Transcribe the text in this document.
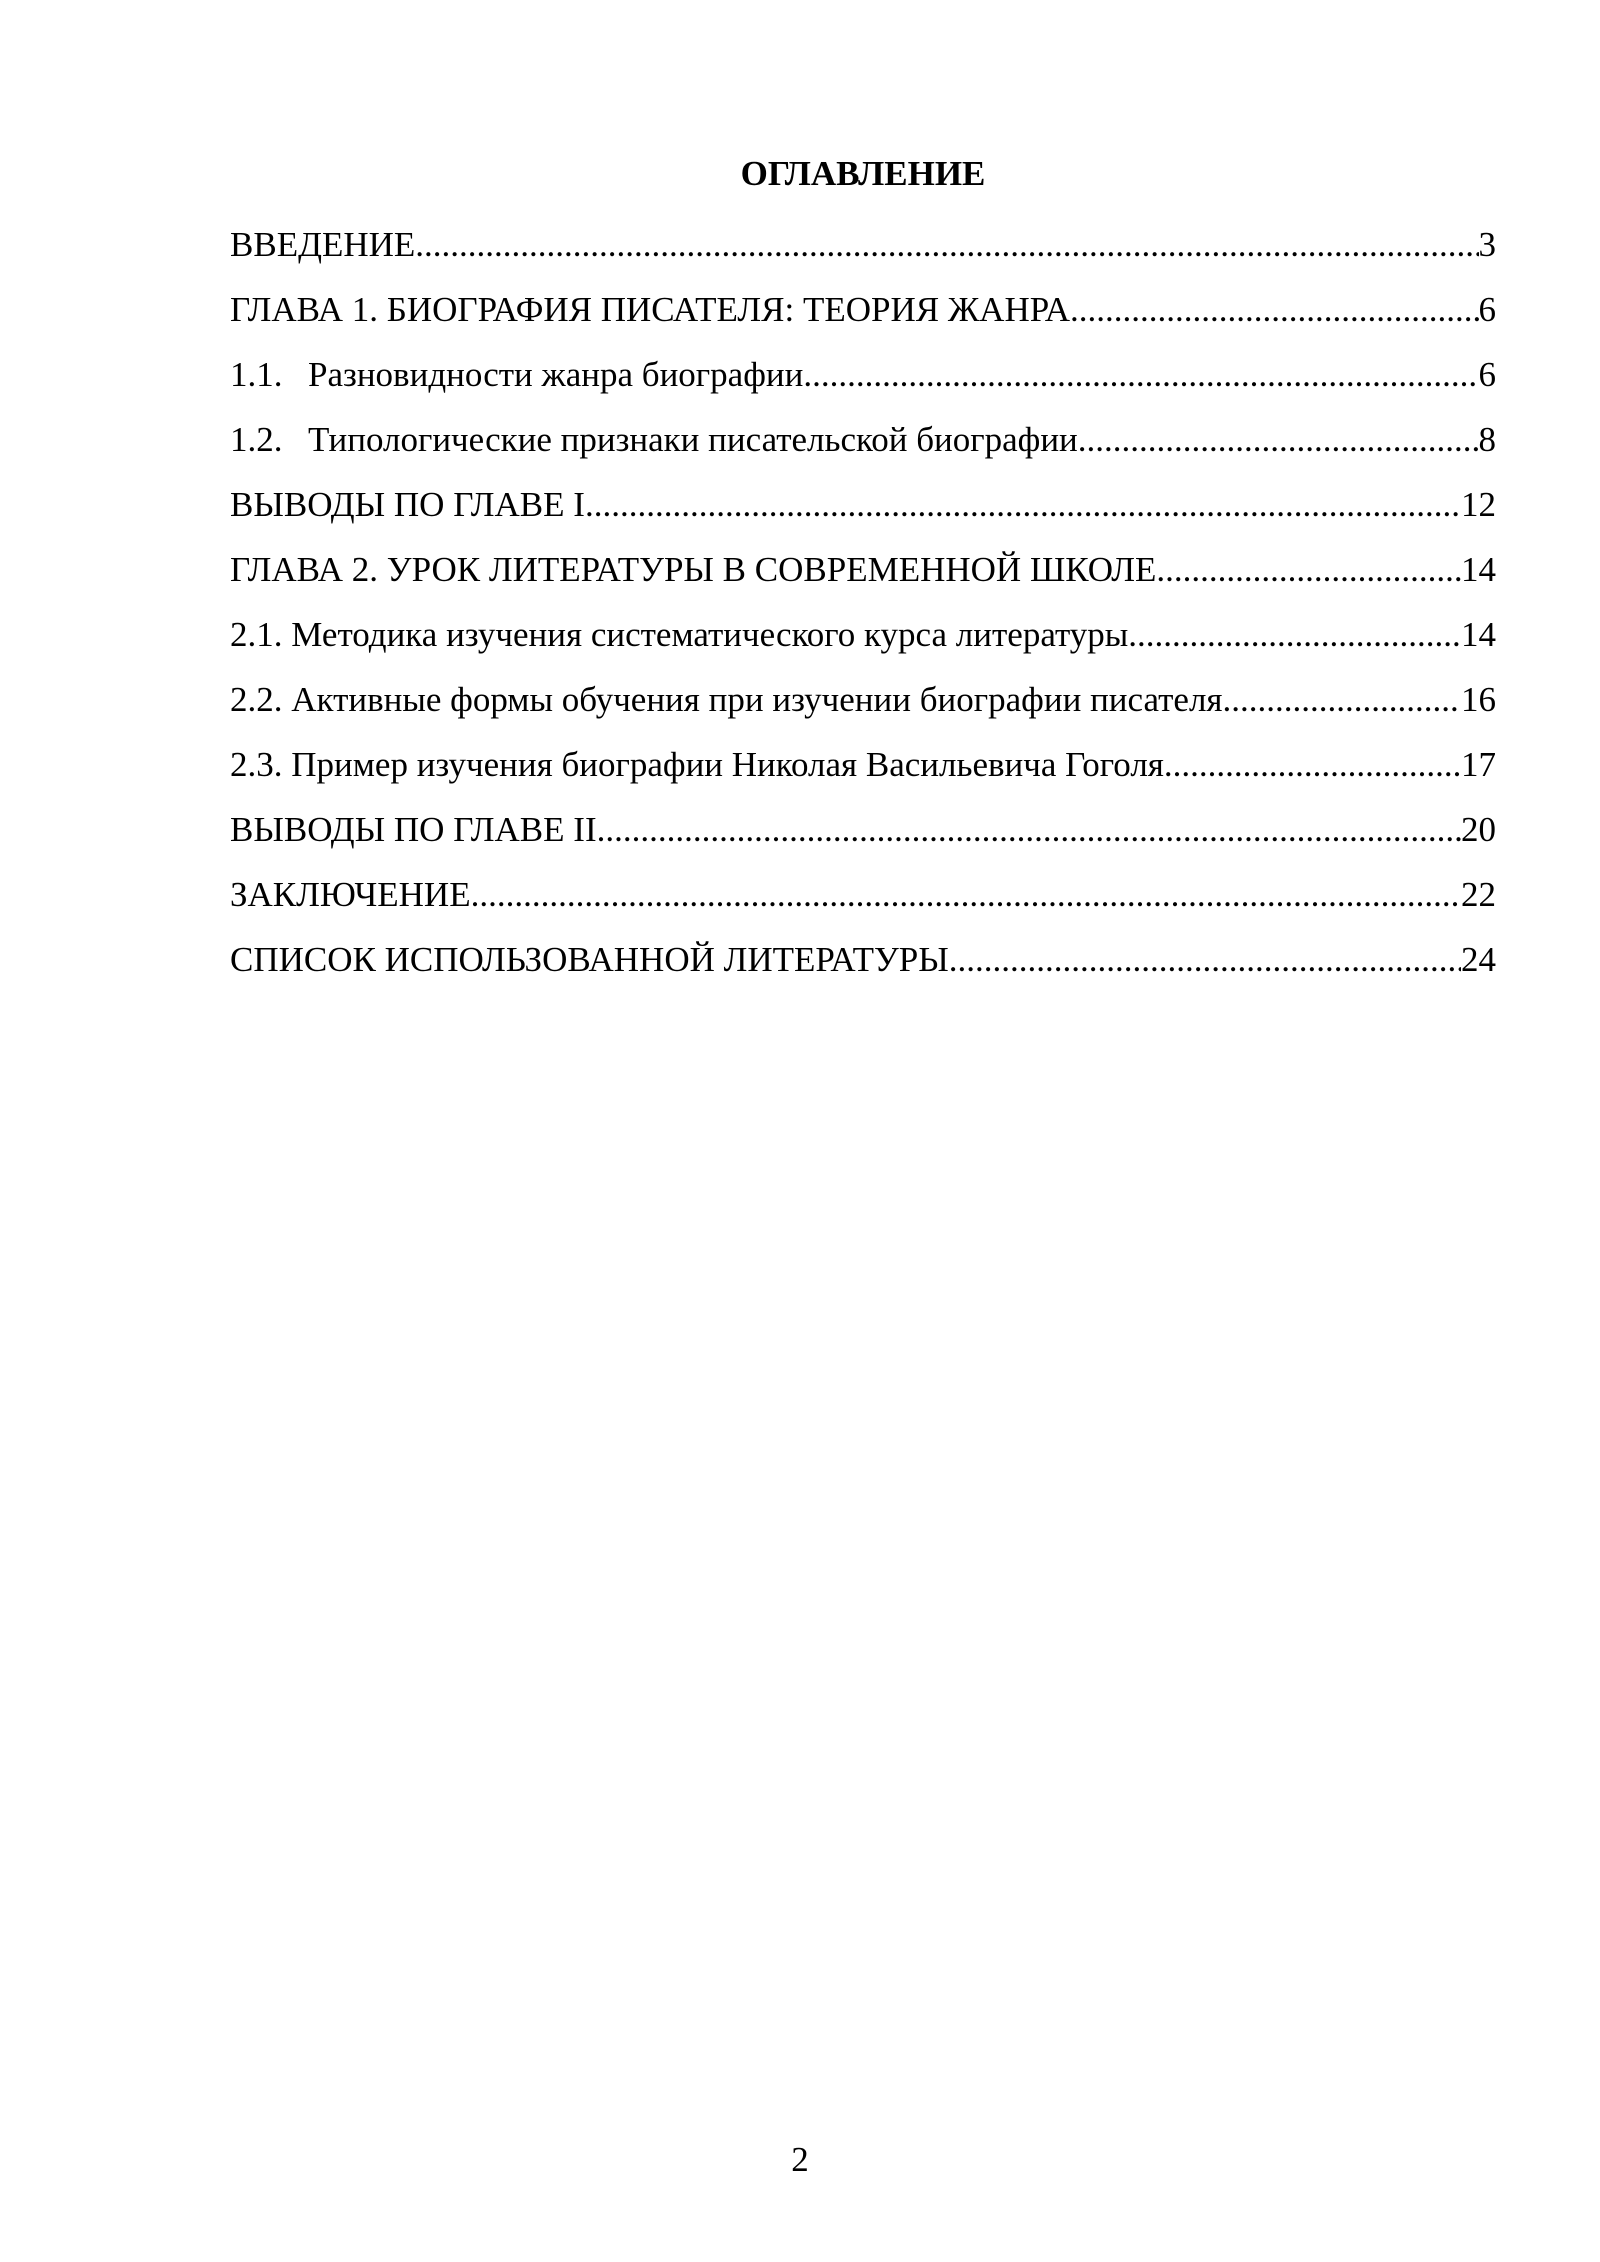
ОГЛАВЛЕНИЕ
ВВЕДЕНИЕ .....	3
ГЛАВА 1. БИОГРАФИЯ ПИСАТЕЛЯ: ТЕОРИЯ ЖАНРА .....	6
1.1. Разновидности жанра биографии .....	6
1.2. Типологические признаки писательской биографии .....	8
ВЫВОДЫ ПО ГЛАВЕ I .....	12
ГЛАВА 2. УРОК ЛИТЕРАТУРЫ В СОВРЕМЕННОЙ ШКОЛЕ .....	14
2.1. Методика изучения систематического курса литературы .....	14
2.2. Активные формы обучения при изучении биографии писателя .....	16
2.3. Пример изучения биографии Николая Васильевича Гоголя .....	17
ВЫВОДЫ ПО ГЛАВЕ II .....	20
ЗАКЛЮЧЕНИЕ .....	22
СПИСОК ИСПОЛЬЗОВАННОЙ ЛИТЕРАТУРЫ .....	24
2
